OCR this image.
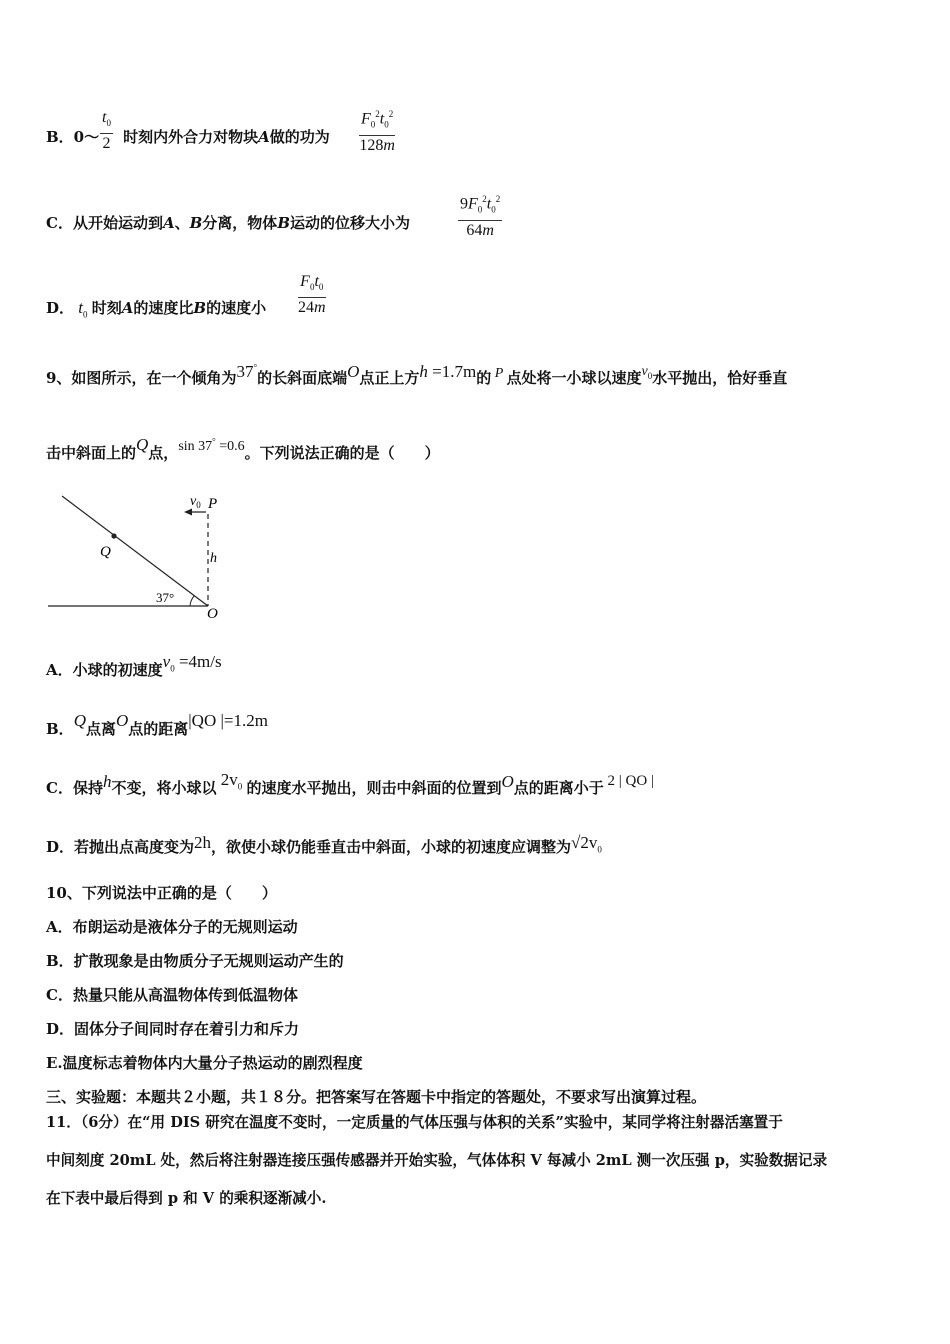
B．0～ 时刻内外合力对物块A做的功为
$\frac{t_0}{2}$	$\frac{F_0^2t_0^2}{128m}$
C．从开始运动到A、B分离，物体B运动的位移大小为	$\frac{9F_0^2t_0^2}{64m}$
D． $t_0$ 时刻A的速度比B的速度小 $\frac{F_0t_0}{24m}$
9、如图所示，在一个倾角为37°的长斜面底端O点正上方h =1.7m的 P 点处将一小球以速度$v_0$水平抛出，恰好垂直
击中斜面上的Q点，sin 37° =0.6。下列说法正确的是（　　）
$v_0$ P
h
Q
37°
O
A．小球的初速度$v_0 =4m/s$
B．Q点离O点的距离|QO |=1.2m
C．保持h不变，将小球以 $2v_0$ 的速度水平抛出，则击中斜面的位置到O点的距离小于 2 | QO |
D．若抛出点高度变为2h，欲使小球仍能垂直击中斜面，小球的初速度应调整为$√2v_0$
10、下列说法中正确的是（　　）
A．布朗运动是液体分子的无规则运动
B．扩散现象是由物质分子无规则运动产生的
C．热量只能从高温物体传到低温物体
D．固体分子间同时存在着引力和斥力
E.温度标志着物体内大量分子热运动的剧烈程度
三、实验题：本题共２小题，共１８分。把答案写在答题卡中指定的答题处，不要求写出演算过程。
11．（6分）在“用 DIS 研究在温度不变时，一定质量的气体压强与体积的关系”实验中，某同学将注射器活塞置于
中间刻度 20mL 处，然后将注射器连接压强传感器并开始实验，气体体积 V 每减小 2mL 测一次压强 p，实验数据记录
在下表中最后得到 p 和 V 的乘积逐渐减小.
